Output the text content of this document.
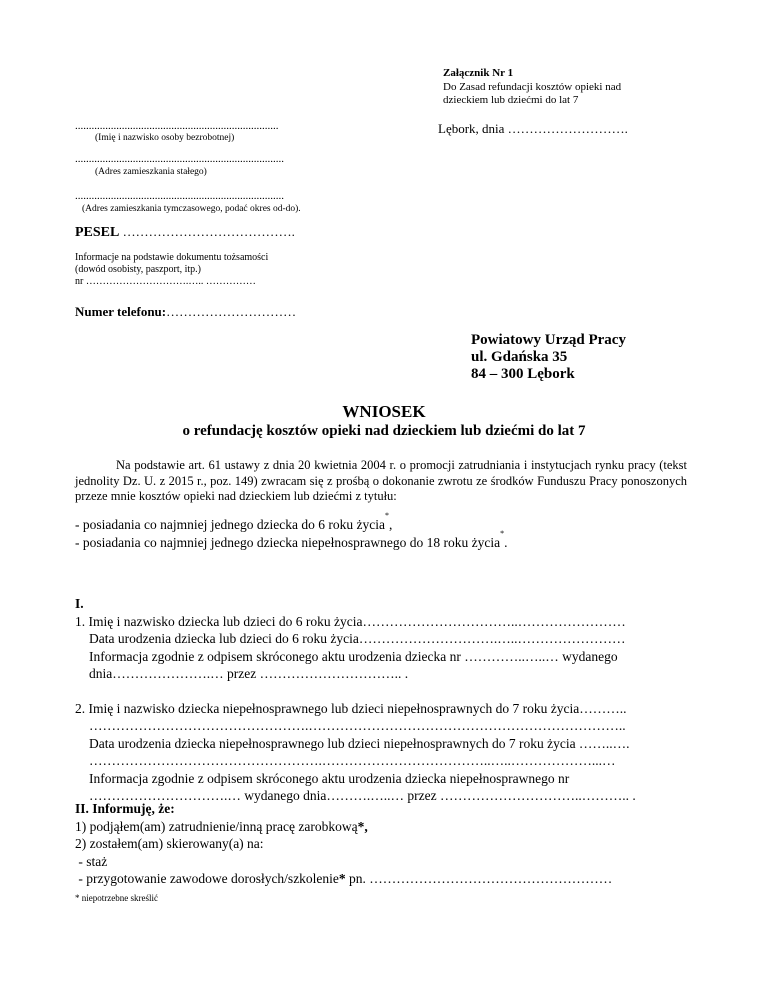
Załącznik Nr 1
Do Zasad refundacji kosztów opieki nad
dzieckiem lub dziećmi do lat 7
Lębork, dnia ……………………….
..........................................................................
(Imię i nazwisko osoby bezrobotnej)
............................................................................
(Adres zamieszkania stałego)
............................................................................
(Adres zamieszkania tymczasowego, podać okres od-do).
PESEL ………………………………….
Informacje na podstawie dokumentu tożsamości
(dowód osobisty, paszport, itp.)
nr ………………………….….. ……………
Numer telefonu:…………………………
Powiatowy Urząd Pracy
ul. Gdańska 35
84 – 300 Lębork
WNIOSEK
o refundację kosztów opieki nad dzieckiem lub dziećmi do lat 7
Na podstawie art. 61 ustawy z dnia 20 kwietnia 2004 r. o promocji zatrudniania i instytucjach rynku pracy (tekst jednolity Dz. U. z 2015 r., poz. 149) zwracam się z prośbą o dokonanie zwrotu ze środków Funduszu Pracy ponoszonych przeze mnie kosztów opieki nad dzieckiem lub dziećmi z tytułu:
- posiadania co najmniej jednego dziecka do 6 roku życia*,
- posiadania co najmniej jednego dziecka niepełnosprawnego do 18 roku życia*.
I.
1. Imię i nazwisko dziecka lub dzieci do 6 roku życia……………………………..……………………
Data urodzenia dziecka lub dzieci do 6 roku życia………………………….…..……………………
Informacja zgodnie z odpisem skróconego aktu urodzenia dziecka nr …………..…..… wydanego
dnia………………….… przez ………………………….. .
2. Imię i nazwisko dziecka niepełnosprawnego lub dzieci niepełnosprawnych do 7 roku życia………..
………………………………………….……………………………………………………………..
Data urodzenia dziecka niepełnosprawnego lub dzieci niepełnosprawnych do 7 roku życia ……..….
…………………………………………….………………………………..…..………………...…
Informacja zgodnie z odpisem skróconego aktu urodzenia dziecka niepełnosprawnego nr
………………………….… wydanego dnia……….…..… przez …………………………..……….. .
II. Informuję, że:
1) podjąłem(am) zatrudnienie/inną pracę zarobkową*,
2) zostałem(am) skierowany(a) na:
- staż
- przygotowanie zawodowe dorosłych/szkolenie* pn. ………………………………………………
* niepotrzebne skreślić
